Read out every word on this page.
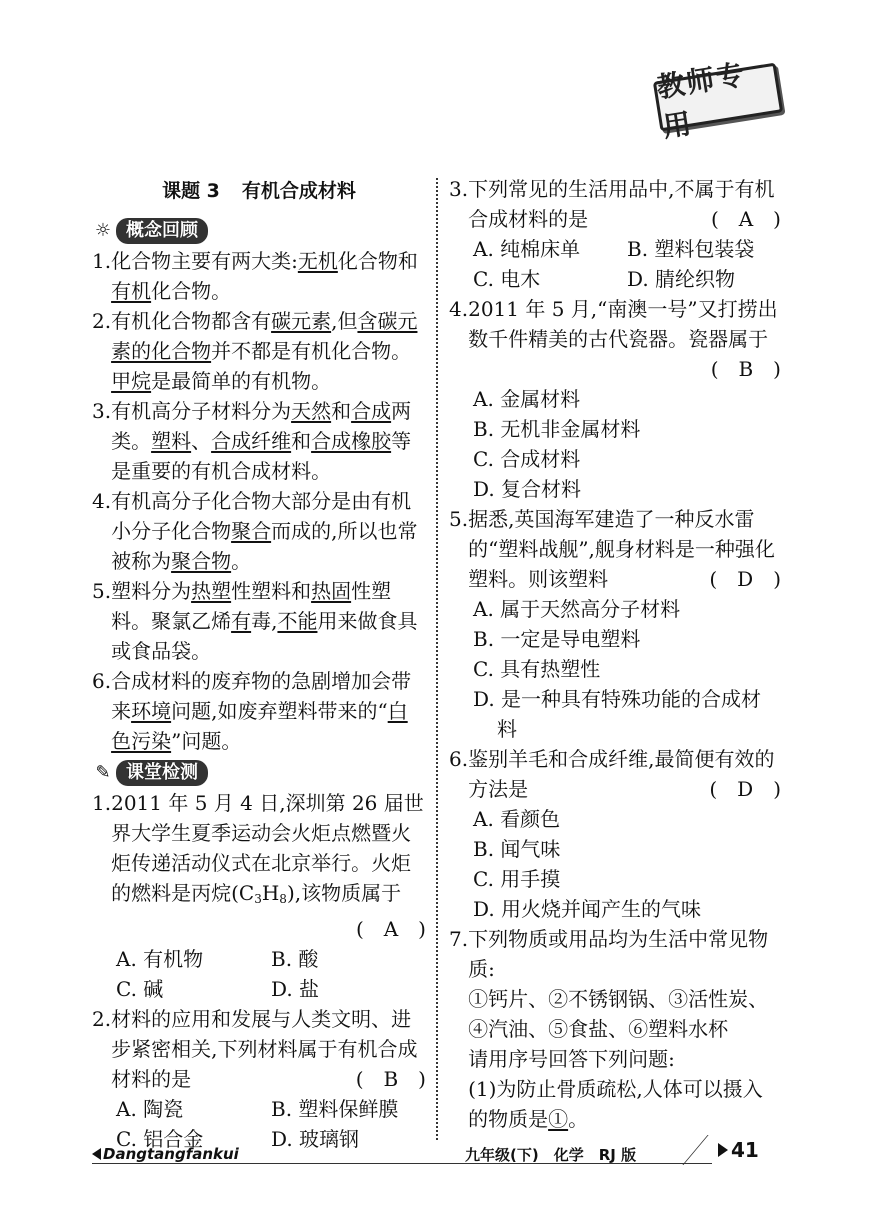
教师专用
课题 3 有机合成材料
☼ 概念回顾
1. 化合物主要有两大类:无机化合物和有机化合物。
2. 有机化合物都含有碳元素,但含碳元素的化合物并不都是有机化合物。甲烷是最简单的有机物。
3. 有机高分子材料分为天然和合成两类。塑料、合成纤维和合成橡胶等是重要的有机合成材料。
4. 有机高分子化合物大部分是由有机小分子化合物聚合而成的,所以也常被称为聚合物。
5. 塑料分为热塑性塑料和热固性塑料。聚氯乙烯有毒,不能用来做食具或食品袋。
6. 合成材料的废弃物的急剧增加会带来环境问题,如废弃塑料带来的“白色污染”问题。
✎ 课堂检测
1. 2011 年 5 月 4 日,深圳第 26 届世界大学生夏季运动会火炬点燃暨火炬传递活动仪式在北京举行。火炬的燃料是丙烷$(C_3H_8)$,该物质属于
(　A　)
A. 有机物	B. 酸
C. 碱	D. 盐
2. 材料的应用和发展与人类文明、进步紧密相关,下列材料属于有机合成材料的是	(　B　)
A. 陶瓷	B. 塑料保鲜膜
C. 铝合金	D. 玻璃钢
3. 下列常见的生活用品中,不属于有机合成材料的是	(　A　)
A. 纯棉床单	B. 塑料包装袋
C. 电木	D. 腈纶织物
4. 2011 年 5 月,“南澳一号”又打捞出数千件精美的古代瓷器。瓷器属于
(　B　)
A. 金属材料
B. 无机非金属材料
C. 合成材料
D. 复合材料
5. 据悉,英国海军建造了一种反水雷的“塑料战舰”,舰身材料是一种强化塑料。则该塑料	(　D　)
A. 属于天然高分子材料
B. 一定是导电塑料
C. 具有热塑性
D. 是一种具有特殊功能的合成材料
6. 鉴别羊毛和合成纤维,最简便有效的方法是	(　D　)
A. 看颜色
B. 闻气味
C. 用手摸
D. 用火烧并闻产生的气味
7. 下列物质或用品均为生活中常见物质:
①钙片、②不锈钢锅、③活性炭、④汽油、⑤食盐、⑥塑料水杯
请用序号回答下列问题:
(1)为防止骨质疏松,人体可以摄入的物质是①。
Dangtangfankui	九年级(下)　化学　RJ 版	41
